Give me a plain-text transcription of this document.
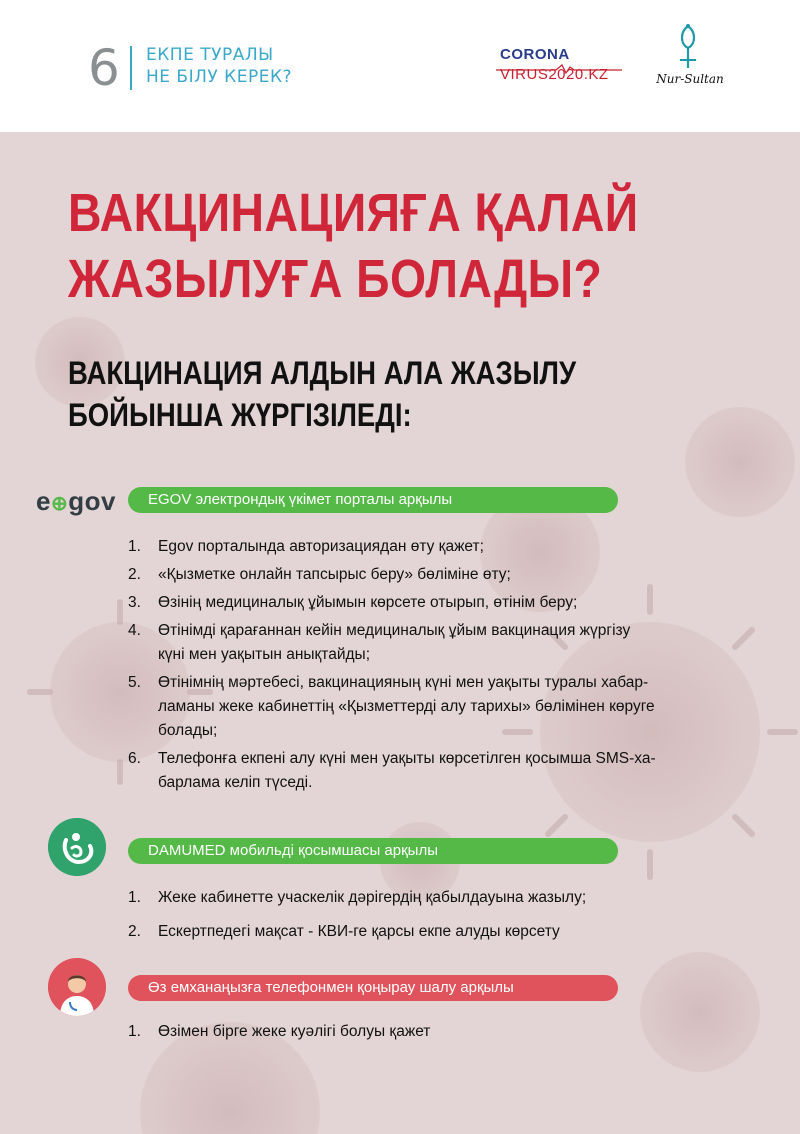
6 ЕКПЕ ТУРАЛЫ
НЕ БІЛУ КЕРЕК?
CORONA
VIRUS2020.KZ	Nur-Sultan
ВАКЦИНАЦИЯҒА ҚАЛАЙ
ЖАЗЫЛУҒА БОЛАДЫ?
ВАКЦИНАЦИЯ АЛДЫН АЛА ЖАЗЫЛУ
БОЙЫНША ЖҮРГІЗІЛЕДІ:
e⊕gov	EGOV электрондық үкімет порталы арқылы
1. Egov порталында авторизациядан өту қажет;
2. «Қызметке онлайн тапсырыс беру» бөліміне өту;
3. Өзінің медициналық ұйымын көрсете отырып, өтінім беру;
4. Өтінімді қарағаннан кейін медициналық ұйым вакцинация жүргізу
күні мен уақытын анықтайды;
5. Өтінімнің мәртебесі, вакцинацияның күні мен уақыты туралы хабар-
ламаны жеке кабинеттің «Қызметтерді алу тарихы» бөлімінен көруге
болады;
6. Телефонға екпені алу күні мен уақыты көрсетілген қосымша SMS-ха-
барлама келіп түседі.
DAMUMED мобильді қосымшасы арқылы
1. Жеке кабинетте учаскелік дәрігердің қабылдауына жазылу;
2. Ескертпедегі мақсат - КВИ-ге қарсы екпе алуды көрсету
Өз емханаңызға телефонмен қоңырау шалу арқылы
1. Өзімен бірге жеке куәлігі болуы қажет
